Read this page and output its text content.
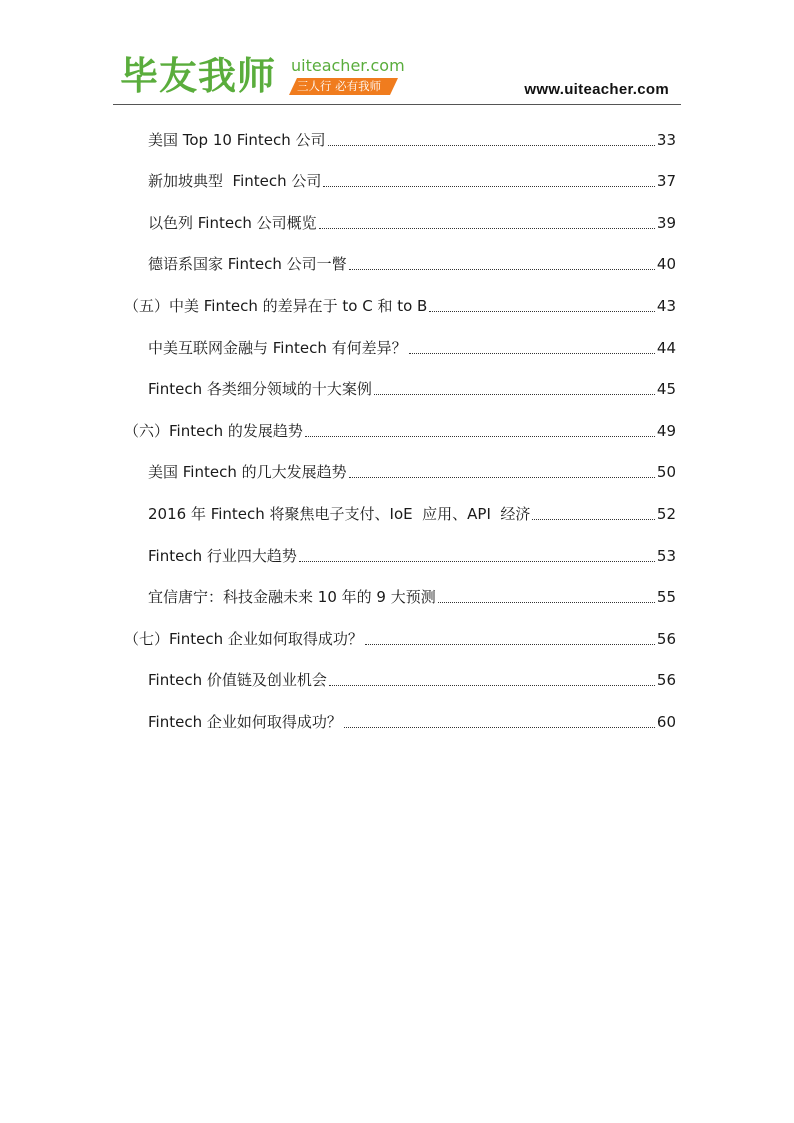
毕友我师 uiteacher.com
三人行 必有我师	www.uiteacher.com
美国 Top 10 Fintech 公司	33
新加坡典型  Fintech 公司	37
以色列 Fintech 公司概览	39
德语系国家 Fintech 公司一瞥	40
（五）中美 Fintech 的差异在于 to C 和 to B	43
中美互联网金融与 Fintech 有何差异？	44
Fintech 各类细分领域的十大案例	45
（六）Fintech 的发展趋势	49
美国 Fintech 的几大发展趋势	50
2016 年 Fintech 将聚焦电子支付、IoE  应用、API  经济	52
Fintech 行业四大趋势	53
宜信唐宁：科技金融未来 10 年的 9 大预测	55
（七）Fintech 企业如何取得成功？	56
Fintech 价值链及创业机会	56
Fintech 企业如何取得成功？	60
